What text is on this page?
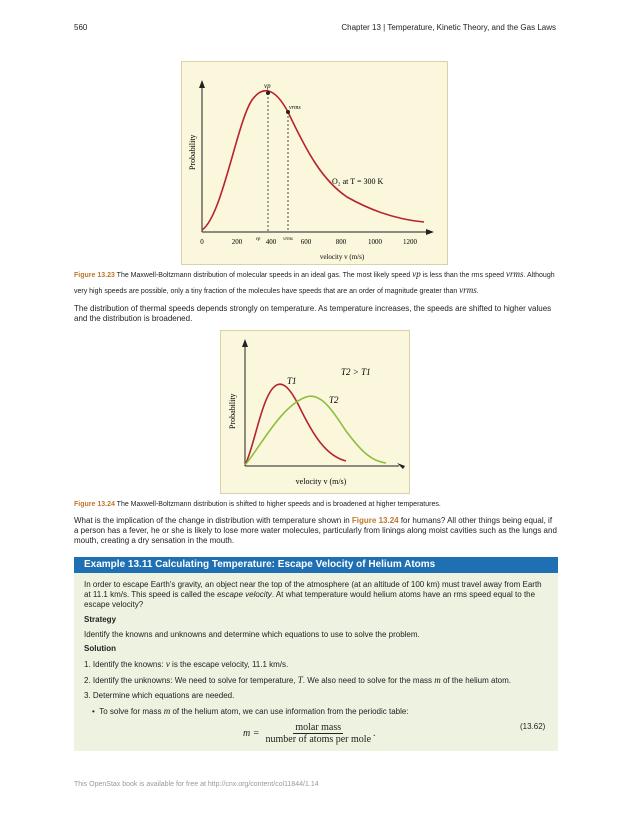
560	Chapter 13 | Temperature, Kinetic Theory, and the Gas Laws
vp
vrms
O₂ at T = 300 K
Probability
0	200	400	600	800	1000	1200
vp	vrms
velocity v (m/s)
Figure 13.23 The Maxwell-Boltzmann distribution of molecular speeds in an ideal gas. The most likely speed vp is less than the rms speed vrms. Although very high speeds are possible, only a tiny fraction of the molecules have speeds that are an order of magnitude greater than vrms.
The distribution of thermal speeds depends strongly on temperature. As temperature increases, the speeds are shifted to higher values and the distribution is broadened.
T1
T2
T2 > T1
Probability
velocity v (m/s)
Figure 13.24 The Maxwell-Boltzmann distribution is shifted to higher speeds and is broadened at higher temperatures.
What is the implication of the change in distribution with temperature shown in Figure 13.24 for humans? All other things being equal, if a person has a fever, he or she is likely to lose more water molecules, particularly from linings along moist cavities such as the lungs and mouth, creating a dry sensation in the mouth.
Example 13.11 Calculating Temperature: Escape Velocity of Helium Atoms
In order to escape Earth's gravity, an object near the top of the atmosphere (at an altitude of 100 km) must travel away from Earth at 11.1 km/s. This speed is called the escape velocity. At what temperature would helium atoms have an rms speed equal to the escape velocity?
Strategy
Identify the knowns and unknowns and determine which equations to use to solve the problem.
Solution
1. Identify the knowns: v is the escape velocity, 11.1 km/s.
2. Identify the unknowns: We need to solve for temperature, T. We also need to solve for the mass m of the helium atom.
3. Determine which equations are needed.
•  To solve for mass m of the helium atom, we can use information from the periodic table:
$m = \frac{\text{molar mass}}{\text{number of atoms per mole}}$ .
(13.62)
This OpenStax book is available for free at http://cnx.org/content/col11844/1.14
